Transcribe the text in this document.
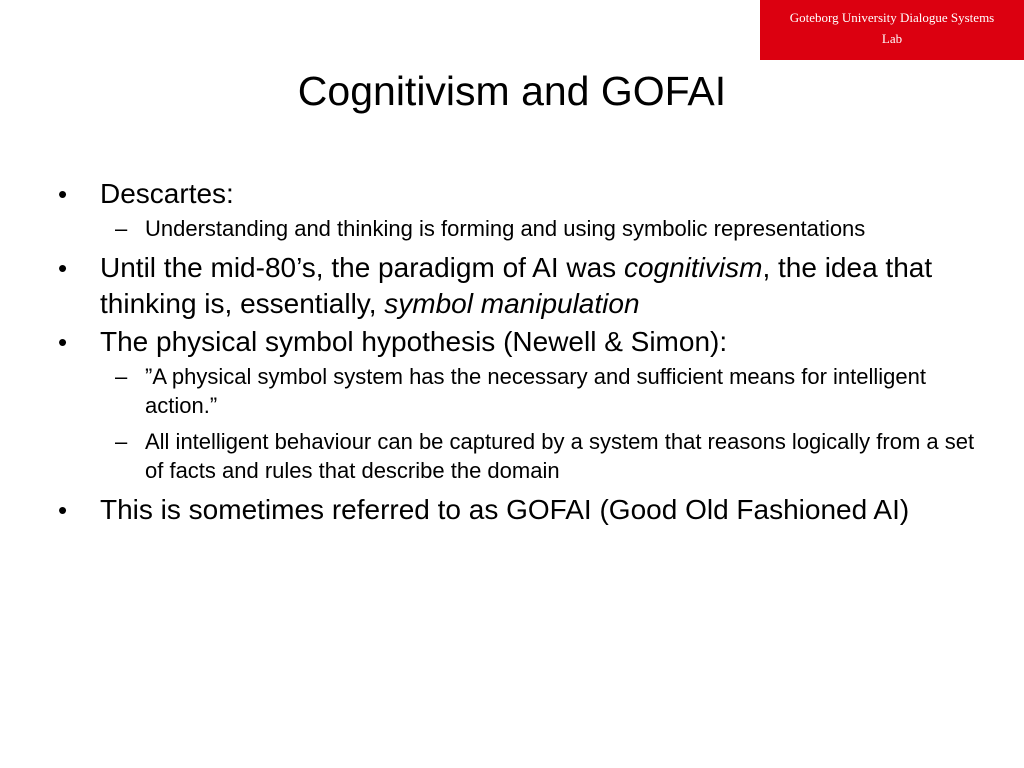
Goteborg University Dialogue Systems
Lab
Cognitivism and GOFAI
•	Descartes:
– Understanding and thinking is forming and using symbolic representations
•	Until the mid-80’s, the paradigm of AI was cognitivism, the idea that thinking is, essentially, symbol manipulation
•	The physical symbol hypothesis (Newell & Simon):
– ”A physical symbol system has the necessary and sufficient means for intelligent action.”
– All intelligent behaviour can be captured by a system that reasons logically from a set of facts and rules that describe the domain
•	This is sometimes referred to as GOFAI (Good Old Fashioned AI)
